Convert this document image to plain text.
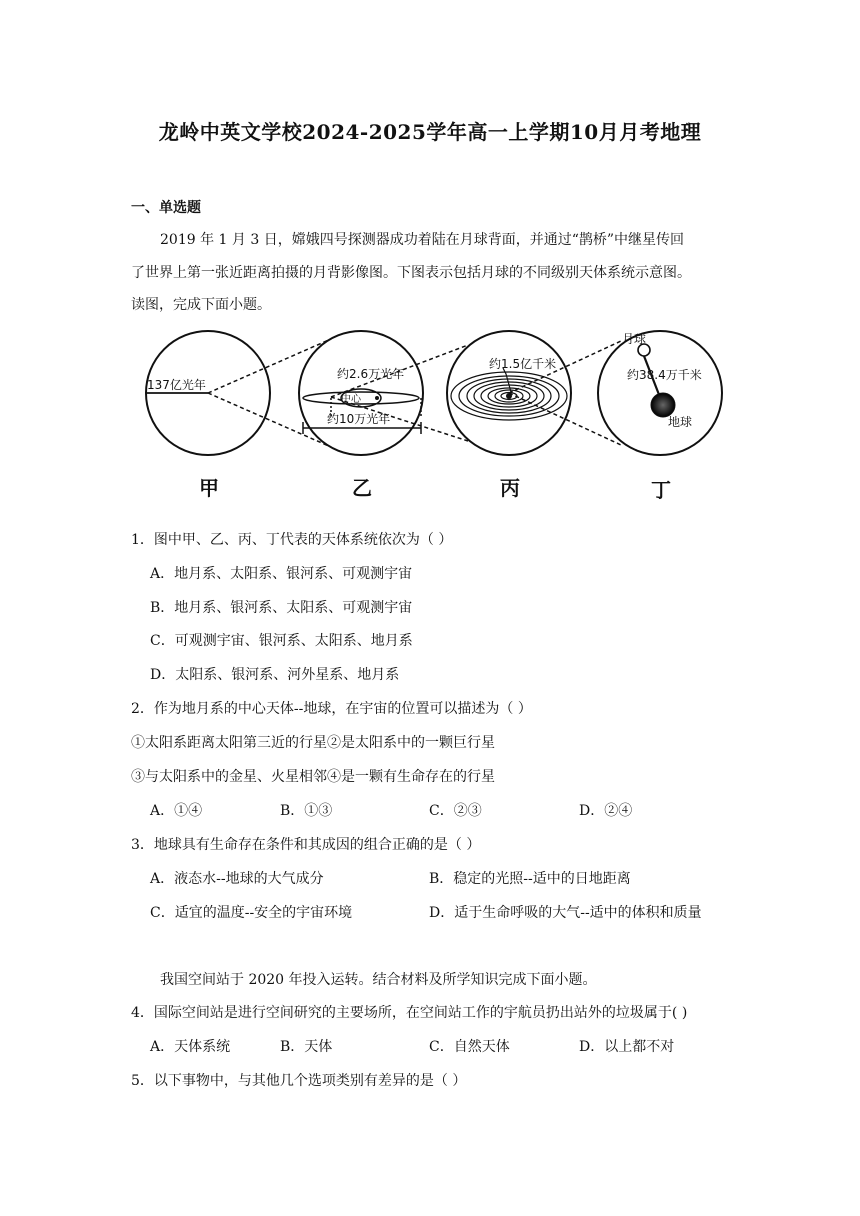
龙岭中英文学校2024-2025学年高一上学期10月月考地理
一、单选题
2019 年 1 月 3 日，嫦娥四号探测器成功着陆在月球背面，并通过“鹊桥”中继星传回
了世界上第一张近距离拍摄的月背影像图。下图表示包括月球的不同级别天体系统示意图。
读图，完成下面小题。
137亿光年
约2.6万光年
中心
约10万光年
约1.5亿千米
月球
约38.4万千米
地球
甲	乙	丙	丁
1．图中甲、乙、丙、丁代表的天体系统依次为（ ）
A．地月系、太阳系、银河系、可观测宇宙
B．地月系、银河系、太阳系、可观测宇宙
C．可观测宇宙、银河系、太阳系、地月系
D．太阳系、银河系、河外星系、地月系
2．作为地月系的中心天体--地球，在宇宙的位置可以描述为（ ）
①太阳系距离太阳第三近的行星②是太阳系中的一颗巨行星
③与太阳系中的金星、火星相邻④是一颗有生命存在的行星
A．①④	B．①③	C．②③	D．②④
3．地球具有生命存在条件和其成因的组合正确的是（ ）
A．液态水--地球的大气成分	B．稳定的光照--适中的日地距离
C．适宜的温度--安全的宇宙环境	D．适于生命呼吸的大气--适中的体积和质量
我国空间站于 2020 年投入运转。结合材料及所学知识完成下面小题。
4．国际空间站是进行空间研究的主要场所，在空间站工作的宇航员扔出站外的垃圾属于( )
A．天体系统	B．天体	C．自然天体	D．以上都不对
5．以下事物中，与其他几个选项类别有差异的是（ ）
